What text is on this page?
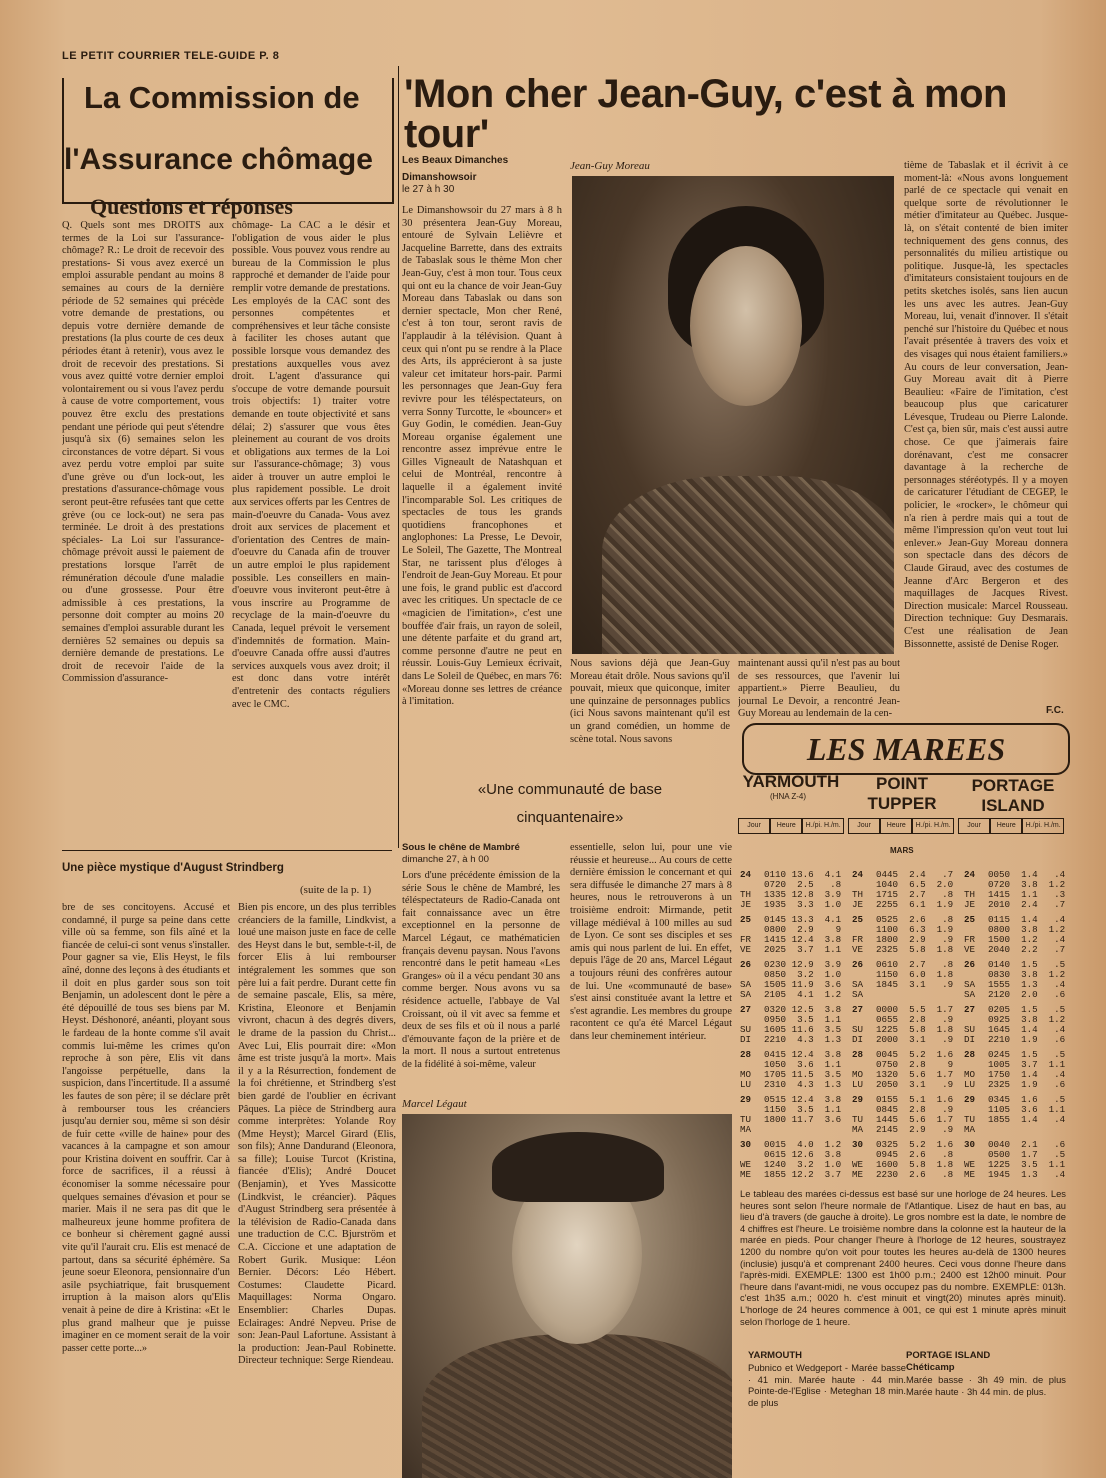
LE PETIT COURRIER TELE-GUIDE P. 8
La Commission de
l'Assurance chômage
Questions et réponses
Q. Quels sont mes DROITS aux termes de la Loi sur l'assurance-chômage? R.: Le droit de recevoir des prestations- Si vous avez exercé un emploi assurable pendant au moins 8 semaines au cours de la dernière période de 52 semaines qui précède votre demande de prestations, ou depuis votre dernière demande de prestations (la plus courte de ces deux périodes étant à retenir), vous avez le droit de recevoir des prestations. Si vous avez quitté votre dernier emploi volontairement ou si vous l'avez perdu à cause de votre comportement, vous pouvez être exclu des prestations pendant une période qui peut s'étendre jusqu'à six (6) semaines selon les circonstances de votre départ. Si vous avez perdu votre emploi par suite d'une grève ou d'un lock-out, les prestations d'assurance-chômage vous seront peut-être refusées tant que cette grève (ou ce lock-out) ne sera pas terminée. Le droit à des prestations spéciales- La Loi sur l'assurance-chômage prévoit aussi le paiement de prestations lorsque l'arrêt de rémunération découle d'une maladie ou d'une grossesse. Pour être admissible à ces prestations, la personne doit compter au moins 20 semaines d'emploi assurable durant les dernières 52 semaines ou depuis sa dernière demande de prestations. Le droit de recevoir l'aide de la Commission d'assurance-
chômage- La CAC a le désir et l'obligation de vous aider le plus possible. Vous pouvez vous rendre au bureau de la Commission le plus rapproché et demander de l'aide pour remplir votre demande de prestations. Les employés de la CAC sont des personnes compétentes et compréhensives et leur tâche consiste à faciliter les choses autant que possible lorsque vous demandez des prestations auxquelles vous avez droit. L'agent d'assurance qui s'occupe de votre demande poursuit trois objectifs: 1) traiter votre demande en toute objectivité et sans délai; 2) s'assurer que vous êtes pleinement au courant de vos droits et obligations aux termes de la Loi sur l'assurance-chômage; 3) vous aider à trouver un autre emploi le plus rapidement possible. Le droit aux services offerts par les Centres de main-d'oeuvre du Canada- Vous avez droit aux services de placement et d'orientation des Centres de main-d'oeuvre du Canada afin de trouver un autre emploi le plus rapidement possible. Les conseillers en main-d'oeuvre vous inviteront peut-être à vous inscrire au Programme de recyclage de la main-d'oeuvre du Canada, lequel prévoit le versement d'indemnités de formation. Main-d'oeuvre Canada offre aussi d'autres services auxquels vous avez droit; il est donc dans votre intérêt d'entretenir des contacts réguliers avec le CMC.
'Mon cher Jean-Guy, c'est à mon tour'
Les Beaux Dimanches
Dimanshowsoir
le 27 à h 30
Jean-Guy Moreau
Le Dimanshowsoir du 27 mars à 8 h 30 présentera Jean-Guy Moreau, entouré de Sylvain Lelièvre et Jacqueline Barrette, dans des extraits de Tabaslak sous le thème Mon cher Jean-Guy, c'est à mon tour. Tous ceux qui ont eu la chance de voir Jean-Guy Moreau dans Tabaslak ou dans son dernier spectacle, Mon cher René, c'est à ton tour, seront ravis de l'applaudir à la télévision. Quant à ceux qui n'ont pu se rendre à la Place des Arts, ils apprécieront à sa juste valeur cet imitateur hors-pair. Parmi les personnages que Jean-Guy fera revivre pour les téléspectateurs, on verra Sonny Turcotte, le «bouncer» et Guy Godin, le comédien. Jean-Guy Moreau organise également une rencontre assez imprévue entre le Gilles Vigneault de Natashquan et celui de Montréal, rencontre à laquelle il a également invité l'incomparable Sol. Les critiques de spectacles de tous les grands quotidiens francophones et anglophones: La Presse, Le Devoir, Le Soleil, The Gazette, The Montreal Star, ne tarissent plus d'éloges à l'endroit de Jean-Guy Moreau. Et pour une fois, le grand public est d'accord avec les critiques. Un spectacle de ce «magicien de l'imitation», c'est une bouffée d'air frais, un rayon de soleil, une détente parfaite et du grand art, comme personne d'autre ne peut en réussir. Louis-Guy Lemieux écrivait, dans Le Soleil de Québec, en mars 76: «Moreau donne ses lettres de créance à l'imitation.
Nous savions déjà que Jean-Guy Moreau était drôle. Nous savions qu'il pouvait, mieux que quiconque, imiter une quinzaine de personnages publics (ici Nous savons maintenant qu'il est un grand comédien, un homme de scène total. Nous savons
maintenant aussi qu'il n'est pas au bout de ses ressources, que l'avenir lui appartient.» Pierre Beaulieu, du journal Le Devoir, a rencontré Jean-Guy Moreau au lendemain de la cen-
tième de Tabaslak et il écrivit à ce moment-là: «Nous avons longuement parlé de ce spectacle qui venait en quelque sorte de révolutionner le métier d'imitateur au Québec. Jusque-là, on s'était contenté de bien imiter techniquement des gens connus, des personnalités du milieu artistique ou politique. Jusque-là, les spectacles d'imitateurs consistaient toujours en de petits sketches isolés, sans lien aucun les uns avec les autres. Jean-Guy Moreau, lui, venait d'innover. Il s'était penché sur l'histoire du Québec et nous l'avait présentée à travers des voix et des visages qui nous étaient familiers.» Au cours de leur conversation, Jean-Guy Moreau avait dit à Pierre Beaulieu: «Faire de l'imitation, c'est beaucoup plus que caricaturer Lévesque, Trudeau ou Pierre Lalonde. C'est ça, bien sûr, mais c'est aussi autre chose. Ce que j'aimerais faire dorénavant, c'est me consacrer davantage à la recherche de personnages stéréotypés. Il y a moyen de caricaturer l'étudiant de CEGEP, le policier, le «rocker», le chômeur qui n'a rien à perdre mais qui a tout de même l'impression qu'on veut tout lui enlever.» Jean-Guy Moreau donnera son spectacle dans des décors de Claude Giraud, avec des costumes de Jeanne d'Arc Bergeron et des maquillages de Jacques Rivest. Direction musicale: Marcel Rousseau. Direction technique: Guy Desmarais. C'est une réalisation de Jean Bissonnette, assisté de Denise Roger.
F.C.
LES MAREES
YARMOUTH
(HNA Z-4)
POINT TUPPER
PORTAGE ISLAND
Jour	Heure	H./pi. H./m.	Jour	Heure	H./pi. H./m.	Jour	Heure	H./pi. H./m.
MARS
24
TH
JE
0110 13.6  4.1
0720  2.5   .8
1335 12.8  3.9
1935  3.3  1.0
25
FR
VE
0145 13.3  4.1
0800  2.9    9
1415 12.4  3.8
2025  3.7  1.1
26
SA
SA
0230 12.9  3.9
0850  3.2  1.0
1505 11.9  3.6
2105  4.1  1.2
27
SU
DI
0320 12.5  3.8
0950  3.5  1.1
1605 11.6  3.5
2210  4.3  1.3
28
MO
LU
0415 12.4  3.8
1050  3.6  1.1
1705 11.5  3.5
2310  4.3  1.3
29
TU
MA
0515 12.4  3.8
1150  3.5  1.1
1800 11.7  3.6

30
WE
ME
0015  4.0  1.2
0615 12.6  3.8
1240  3.2  1.0
1855 12.2  3.7
24
TH
JE
0445  2.4   .7
1040  6.5  2.0
1715  2.7   .8
2255  6.1  1.9
25
FR
VE
0525  2.6   .8
1100  6.3  1.9
1800  2.9   .9
2325  5.8  1.8
26
SA
SA
0610  2.7   .8
1150  6.0  1.8
1845  3.1   .9

27
SU
DI
0000  5.5  1.7
0655  2.8   .9
1225  5.8  1.8
2000  3.1   .9
28
MO
LU
0045  5.2  1.6
0750  2.8    9
1320  5.6  1.7
2050  3.1   .9
29
TU
MA
0155  5.1  1.6
0845  2.8   .9
1445  5.6  1.7
2145  2.9   .9
30
WE
ME
0325  5.2  1.6
0945  2.6   .8
1600  5.8  1.8
2230  2.6   .8
24
TH
JE
0050  1.4   .4
0720  3.8  1.2
1415  1.1   .3
2010  2.4   .7
25
FR
VE
0115  1.4   .4
0800  3.8  1.2
1500  1.2   .4
2040  2.2   .7
26
SA
SA
0140  1.5   .5
0830  3.8  1.2
1555  1.3   .4
2120  2.0   .6
27
SU
DI
0205  1.5   .5
0925  3.8  1.2
1645  1.4   .4
2210  1.9   .6
28
MO
LU
0245  1.5   .5
1005  3.7  1.1
1750  1.4   .4
2325  1.9   .6
29
TU
MA
0345  1.6   .5
1105  3.6  1.1
1855  1.4   .4

30
WE
ME
0040  2.1   .6
0500  1.7   .5
1225  3.5  1.1
1945  1.3   .4
Le tableau des marées ci-dessus est basé sur une horloge de 24 heures. Les heures sont selon l'heure normale de l'Atlantique. Lisez de haut en bas, au lieu d'à travers (de gauche à droite). Le gros nombre est la date, le nombre de 4 chiffres est l'heure. Le troisième nombre dans la colonne est la hauteur de la marée en pieds. Pour changer l'heure à l'horloge de 12 heures, soustrayez 1200 du nombre qu'on voit pour toutes les heures au-delà de 1300 heures (inclusie) jusqu'à et comprenant 2400 heures. Ceci vous donne l'heure dans l'après-midi. EXEMPLE: 1300 est 1h00 p.m.; 2400 est 12h00 minuit. Pour l'heure dans l'avant-midi, ne vous occupez pas du nombre. EXEMPLE: 013h. c'est 1h35 a.m.; 0020 h. c'est minuit et vingt(20) minutes après minuit). L'horloge de 24 heures commence à 001, ce qui est 1 minute après minuit selon l'horloge de 1 heure.
YARMOUTH
Pubnico et Wedgeport - Marée basse · 41 min. Marée haute · 44 min. Pointe-de-l'Eglise · Meteghan 18 min. de plus
PORTAGE ISLAND
Chéticamp
Marée basse · 3h 49 min. de plus Marée haute · 3h 44 min. de plus.
«Une communauté de base cinquantenaire»
Sous le chêne de Mambré
dimanche 27, à h 00
Lors d'une précédente émission de la série Sous le chêne de Mambré, les téléspectateurs de Radio-Canada ont fait connaissance avec un être exceptionnel en la personne de Marcel Légaut, ce mathématicien français devenu paysan. Nous l'avons rencontré dans le petit hameau «Les Granges» où il a vécu pendant 30 ans comme berger. Nous avons vu sa résidence actuelle, l'abbaye de Val Croissant, où il vit avec sa femme et deux de ses fils et où il nous a parlé d'émouvante façon de la prière et de la mort. Il nous a surtout entretenus de la fidélité à soi-même, valeur
essentielle, selon lui, pour une vie réussie et heureuse... Au cours de cette dernière émission le concernant et qui sera diffusée le dimanche 27 mars à 8 heures, nous le retrouverons à un troisième endroit: Mirmande, petit village médiéval à 100 milles au sud de Lyon. Ce sont ses disciples et ses amis qui nous parlent de lui. En effet, depuis l'âge de 20 ans, Marcel Légaut a toujours réuni des confrères autour de lui. Une «communauté de base» s'est ainsi constituée avant la lettre et s'est agrandie. Les membres du groupe racontent ce qu'a été Marcel Légaut dans leur cheminement intérieur.
Marcel Légaut
Une pièce mystique d'August Strindberg
(suite de la p. 1)
bre de ses concitoyens. Accusé et condamné, il purge sa peine dans cette ville où sa femme, son fils aîné et la fiancée de celui-ci sont venus s'installer. Pour gagner sa vie, Elis Heyst, le fils aîné, donne des leçons à des étudiants et il doit en plus garder sous son toit Benjamin, un adolescent dont le père a été dépouillé de tous ses biens par M. Heyst. Déshonoré, anéanti, ployant sous le fardeau de la honte comme s'il avait commis lui-même les crimes qu'on reproche à son père, Elis vit dans l'angoisse perpétuelle, dans la suspicion, dans l'incertitude. Il a assumé les fautes de son père; il se déclare prêt à rembourser tous les créanciers jusqu'au dernier sou, même si son désir de fuir cette «ville de haine» pour des vacances à la campagne et son amour pour Kristina doivent en souffrir. Car à force de sacrifices, il a réussi à économiser la somme nécessaire pour quelques semaines d'évasion et pour se marier. Mais il ne sera pas dit que le malheureux jeune homme profitera de ce bonheur si chèrement gagné aussi vite qu'il l'aurait cru. Elis est menacé de partout, dans sa sécurité éphémère. Sa jeune soeur Eleonora, pensionnaire d'un asile psychiatrique, fait brusquement irruption à la maison alors qu'Elis venait à peine de dire à Kristina: «Et le plus grand malheur que je puisse imaginer en ce moment serait de la voir passer cette porte...»
Bien pis encore, un des plus terribles créanciers de la famille, Lindkvist, a loué une maison juste en face de celle des Heyst dans le but, semble-t-il, de forcer Elis à lui rembourser intégralement les sommes que son père lui a fait perdre. Durant cette fin de semaine pascale, Elis, sa mère, Kristina, Eleonore et Benjamin vivront, chacun à des degrés divers, le drame de la passion du Christ... Avec Lui, Elis pourrait dire: «Mon âme est triste jusqu'à la mort». Mais il y a la Résurrection, fondement de la foi chrétienne, et Strindberg s'est bien gardé de l'oublier en écrivant Pâques. La pièce de Strindberg aura comme interprètes: Yolande Roy (Mme Heyst); Marcel Girard (Elis, son fils); Anne Dandurand (Eleonora, sa fille); Louise Turcot (Kristina, fiancée d'Elis); André Doucet (Benjamin), et Yves Massicotte (Lindkvist, le créancier). Pâques d'August Strindberg sera présentée à la télévision de Radio-Canada dans une traduction de C.C. Bjurström et C.A. Ciccione et une adaptation de Robert Gurik. Musique: Léon Bernier. Décors: Léo Hébert. Costumes: Claudette Picard. Maquillages: Norma Ongaro. Ensemblier: Charles Dupas. Eclairages: André Nepveu. Prise de son: Jean-Paul Lafortune. Assistant à la production: Jean-Paul Robinette. Directeur technique: Serge Riendeau.
